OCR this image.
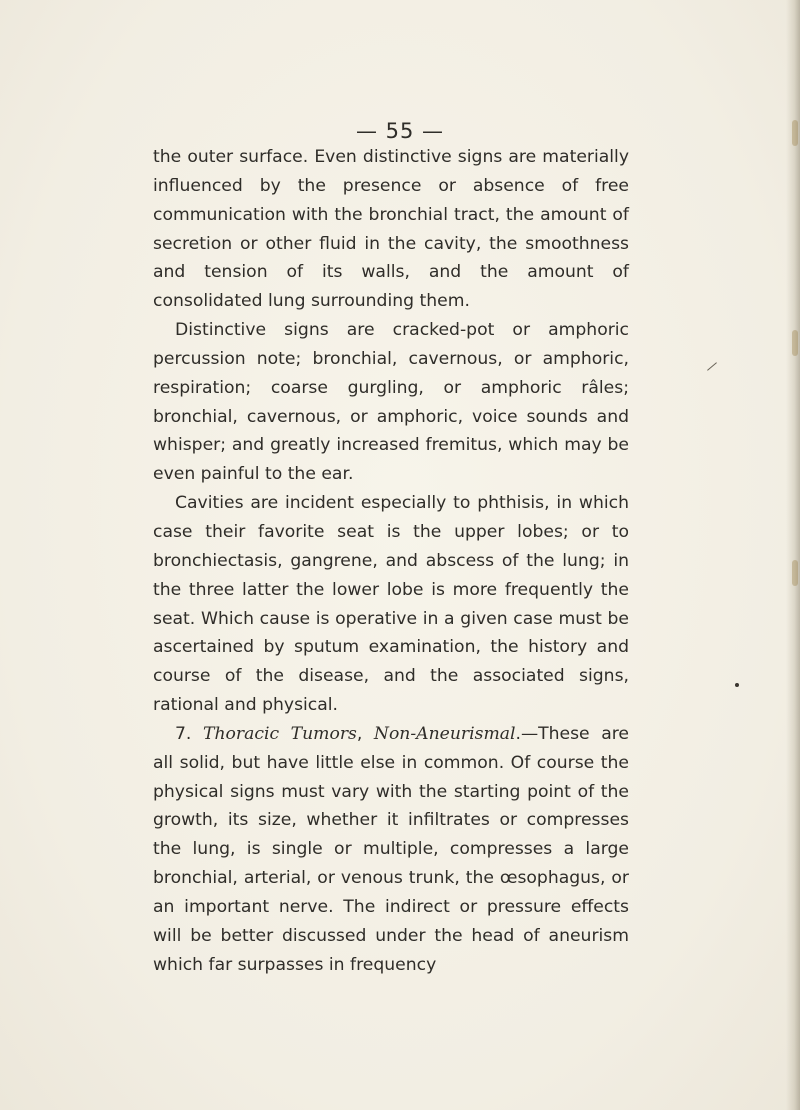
— 55 —

the outer surface. Even distinctive signs are materially influenced by the presence or absence of free communication with the bronchial tract, the amount of secretion or other fluid in the cavity, the smoothness and tension of its walls, and the amount of consolidated lung surrounding them.

Distinctive signs are cracked-pot or amphoric percussion note; bronchial, cavernous, or amphoric, respiration; coarse gurgling, or amphoric râles; bronchial, cavernous, or amphoric, voice sounds and whisper; and greatly increased fremitus, which may be even painful to the ear.

Cavities are incident especially to phthisis, in which case their favorite seat is the upper lobes; or to bronchiectasis, gangrene, and abscess of the lung; in the three latter the lower lobe is more frequently the seat. Which cause is operative in a given case must be ascertained by sputum examination, the history and course of the disease, and the associated signs, rational and physical.

7. Thoracic Tumors, Non-Aneurismal.—These are all solid, but have little else in common. Of course the physical signs must vary with the starting point of the growth, its size, whether it infiltrates or compresses the lung, is single or multiple, compresses a large bronchial, arterial, or venous trunk, the œsophagus, or an important nerve. The indirect or pressure effects will be better discussed under the head of aneurism which far surpasses in frequency
